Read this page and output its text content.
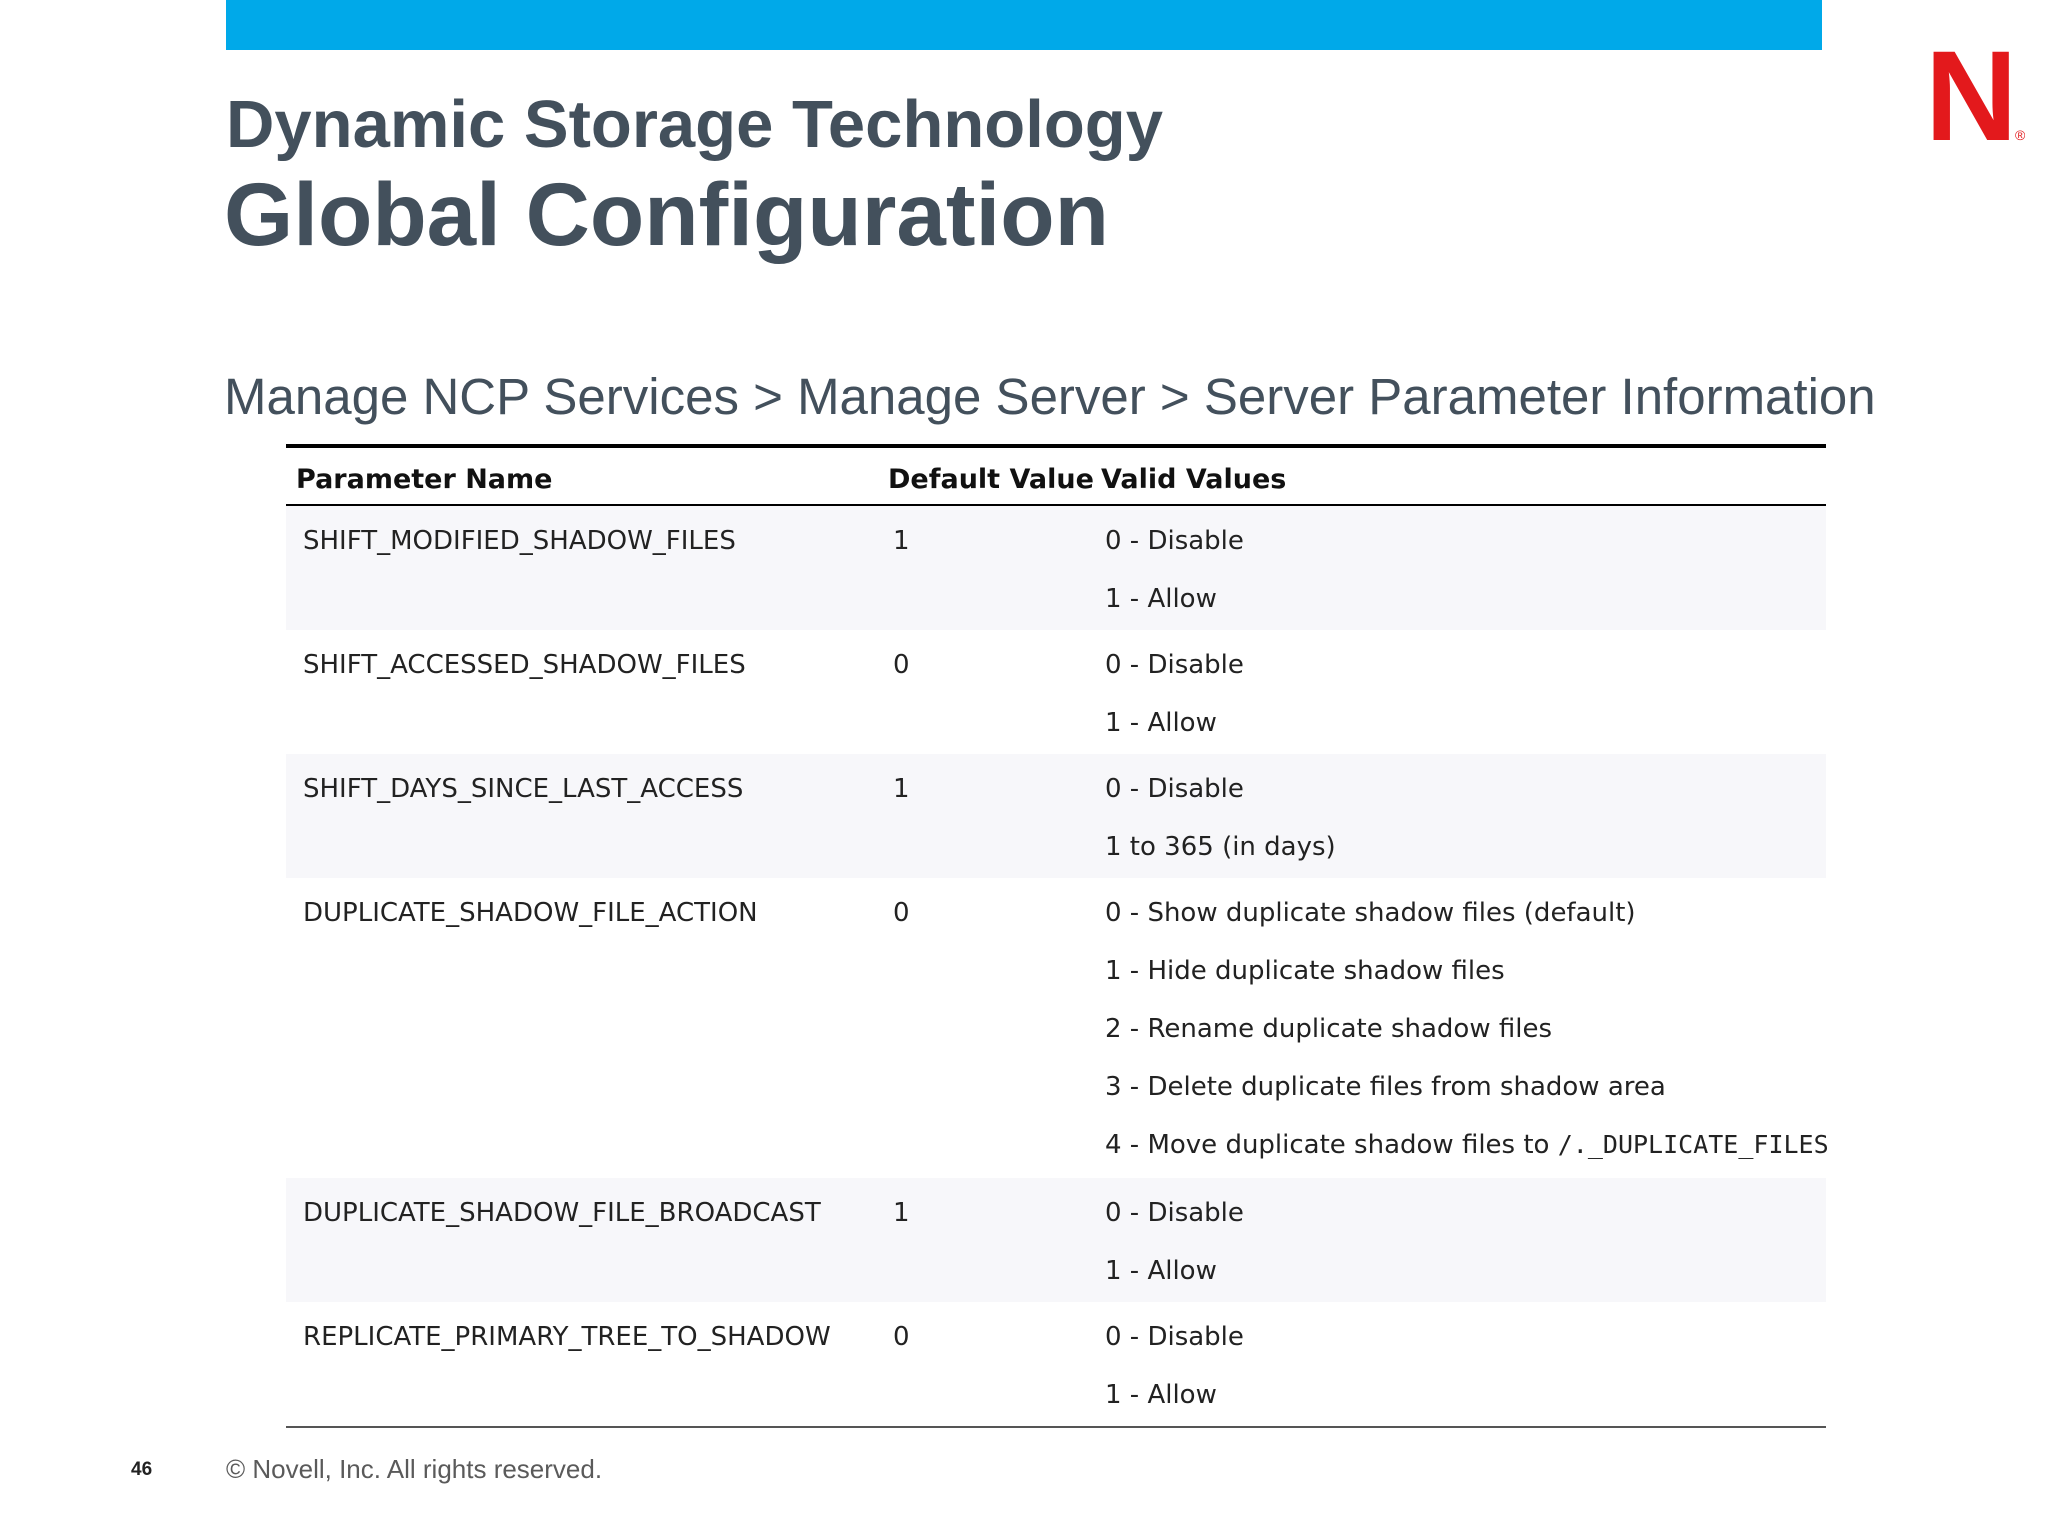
N
®
Dynamic Storage Technology
Global Configuration
Manage NCP Services > Manage Server > Server Parameter Information
Parameter Name	Default Value Valid Values
SHIFT_MODIFIED_SHADOW_FILES	1	0 - Disable
1 - Allow
SHIFT_ACCESSED_SHADOW_FILES	0	0 - Disable
1 - Allow
SHIFT_DAYS_SINCE_LAST_ACCESS	1	0 - Disable
1 to 365 (in days)
DUPLICATE_SHADOW_FILE_ACTION	0	0 - Show duplicate shadow files (default)
1 - Hide duplicate shadow files
2 - Rename duplicate shadow files
3 - Delete duplicate files from shadow area
4 - Move duplicate shadow files to /._DUPLICATE_FILES
DUPLICATE_SHADOW_FILE_BROADCAST	1	0 - Disable
1 - Allow
REPLICATE_PRIMARY_TREE_TO_SHADOW 0	0 - Disable
1 - Allow
46	© Novell, Inc. All rights reserved.
